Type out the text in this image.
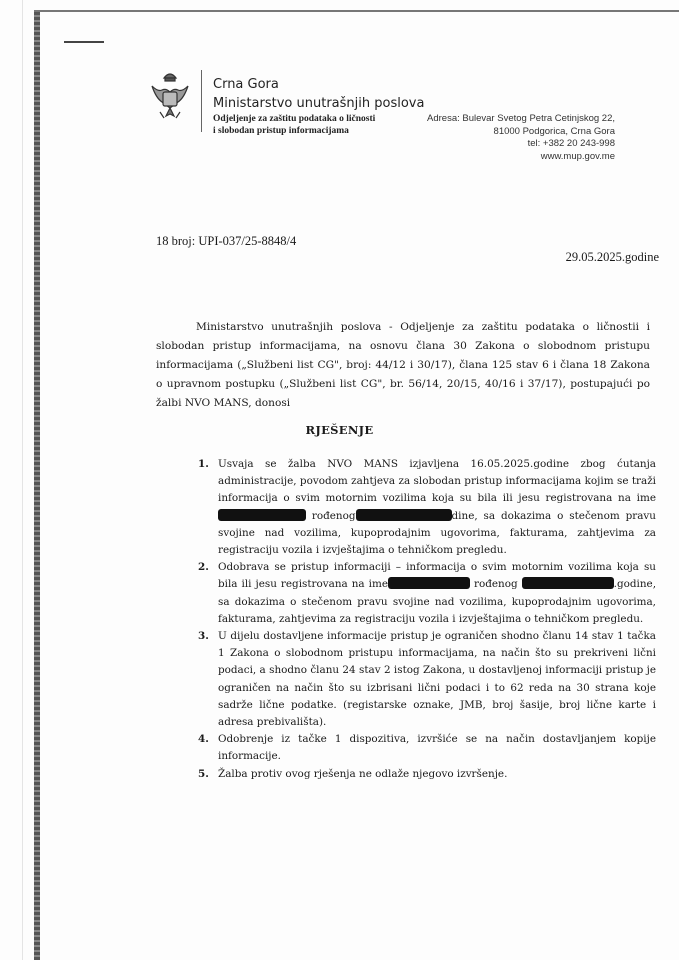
Crna Gora
Ministarstvo unutrašnjih poslova
Odjeljenje za zaštitu podataka o ličnosti
i slobodan pristup informacijama
Adresa: Bulevar Svetog Petra Cetinjskog 22,
81000 Podgorica, Crna Gora
tel: +382 20 243-998
www.mup.gov.me
18 broj: UPI-037/25-8848/4
29.05.2025.godine

Ministarstvo unutrašnjih poslova - Odjeljenje za zaštitu podataka o ličnostii i slobodan pristup informacijama, na osnovu člana 30 Zakona o slobodnom pristupu informacijama („Službeni list CG", broj: 44/12 i 30/17), člana 125 stav 6 i člana 18 Zakona o upravnom postupku („Službeni list CG", br. 56/14, 20/15, 40/16 i 37/17), postupajući po žalbi NVO MANS, donosi

RJEŠENJE
1. Usvaja se žalba NVO MANS izjavljena 16.05.2025.godine zbog ćutanja administracije, povodom zahtjeva za slobodan pristup informacijama kojim se traži informacija o svim motornim vozilima koja su bila ili jesu registrovana na ime rođenog	dine, sa dokazima o stečenom pravu svojine nad vozilima, kupoprodajnim ugovorima, fakturama, zahtjevima za registraciju vozila i izvještajima o tehničkom pregledu.
2. Odobrava se pristup informaciji – informacija o svim motornim vozilima koja su bila ili jesu registrovana na ime	rođenog	.godine, sa dokazima o stečenom pravu svojine nad vozilima, kupoprodajnim ugovorima, fakturama, zahtjevima za registraciju vozila i izvještajima o tehničkom pregledu.
3. U dijelu dostavljene informacije pristup je ograničen shodno članu 14 stav 1 tačka 1 Zakona o slobodnom pristupu informacijama, na način što su prekriveni lični podaci, a shodno članu 24 stav 2 istog Zakona, u dostavljenoj informaciji pristup je ograničen na način što su izbrisani lični podaci i to 62 reda na 30 strana koje sadrže lične podatke. (registarske oznake, JMB, broj šasije, broj lične karte i adresa prebivališta).
4. Odobrenje iz tačke 1 dispozitiva, izvršiće se na način dostavljanjem kopije informacije.
5. Žalba protiv ovog rješenja ne odlaže njegovo izvršenje.
